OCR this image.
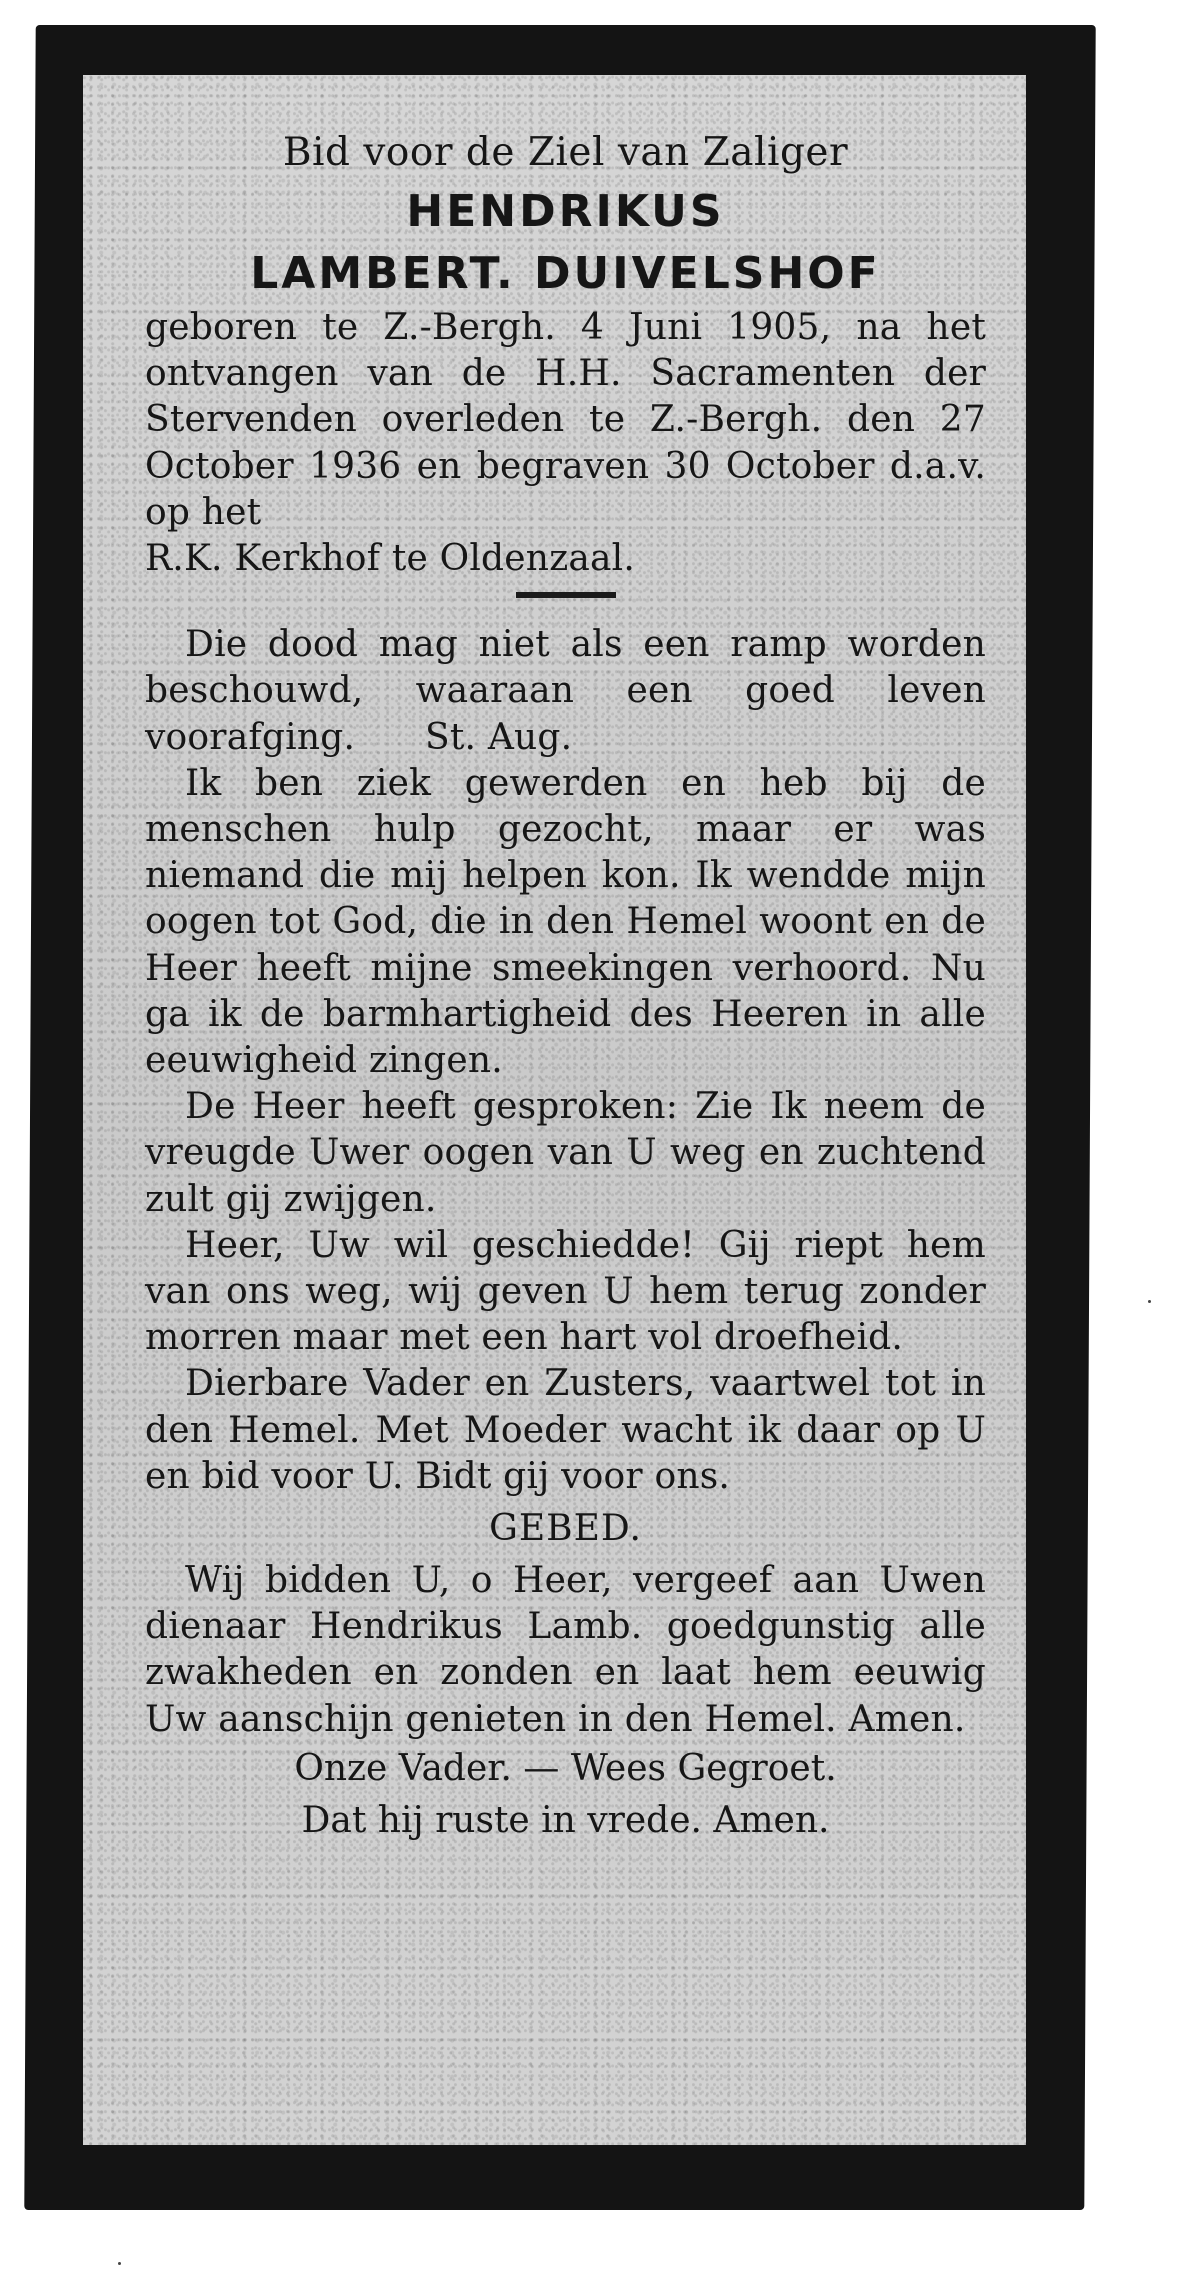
Bid voor de Ziel van Zaliger
HENDRIKUS
LAMBERT. DUIVELSHOF

geboren te Z.-Bergh. 4 Juni 1905, na het ontvangen van de H.H. Sacramenten der Stervenden overleden te Z.-Bergh. den 27 October 1936 en begraven 30 October d.a.v. op het

R.K. Kerkhof te Oldenzaal.

Die dood mag niet als een ramp worden beschouwd, waaraan een goed leven voorafging. St. Aug.

Ik ben ziek gewerden en heb bij de menschen hulp gezocht, maar er was niemand die mij helpen kon. Ik wendde mijn oogen tot God, die in den Hemel woont en de Heer heeft mijne smeekingen verhoord. Nu ga ik de barmhartigheid des Heeren in alle eeuwigheid zingen.

De Heer heeft gesproken: Zie Ik neem de vreugde Uwer oogen van U weg en zuchtend zult gij zwijgen.

Heer, Uw wil geschiedde! Gij riept hem van ons weg, wij geven U hem terug zonder morren maar met een hart vol droefheid.

Dierbare Vader en Zusters, vaartwel tot in den Hemel. Met Moeder wacht ik daar op U en bid voor U. Bidt gij voor ons.

GEBED.

Wij bidden U, o Heer, vergeef aan Uwen dienaar Hendrikus Lamb. goedgunstig alle zwakheden en zonden en laat hem eeuwig Uw aanschijn genieten in den Hemel. Amen.

Onze Vader. — Wees Gegroet.
Dat hij ruste in vrede. Amen.
